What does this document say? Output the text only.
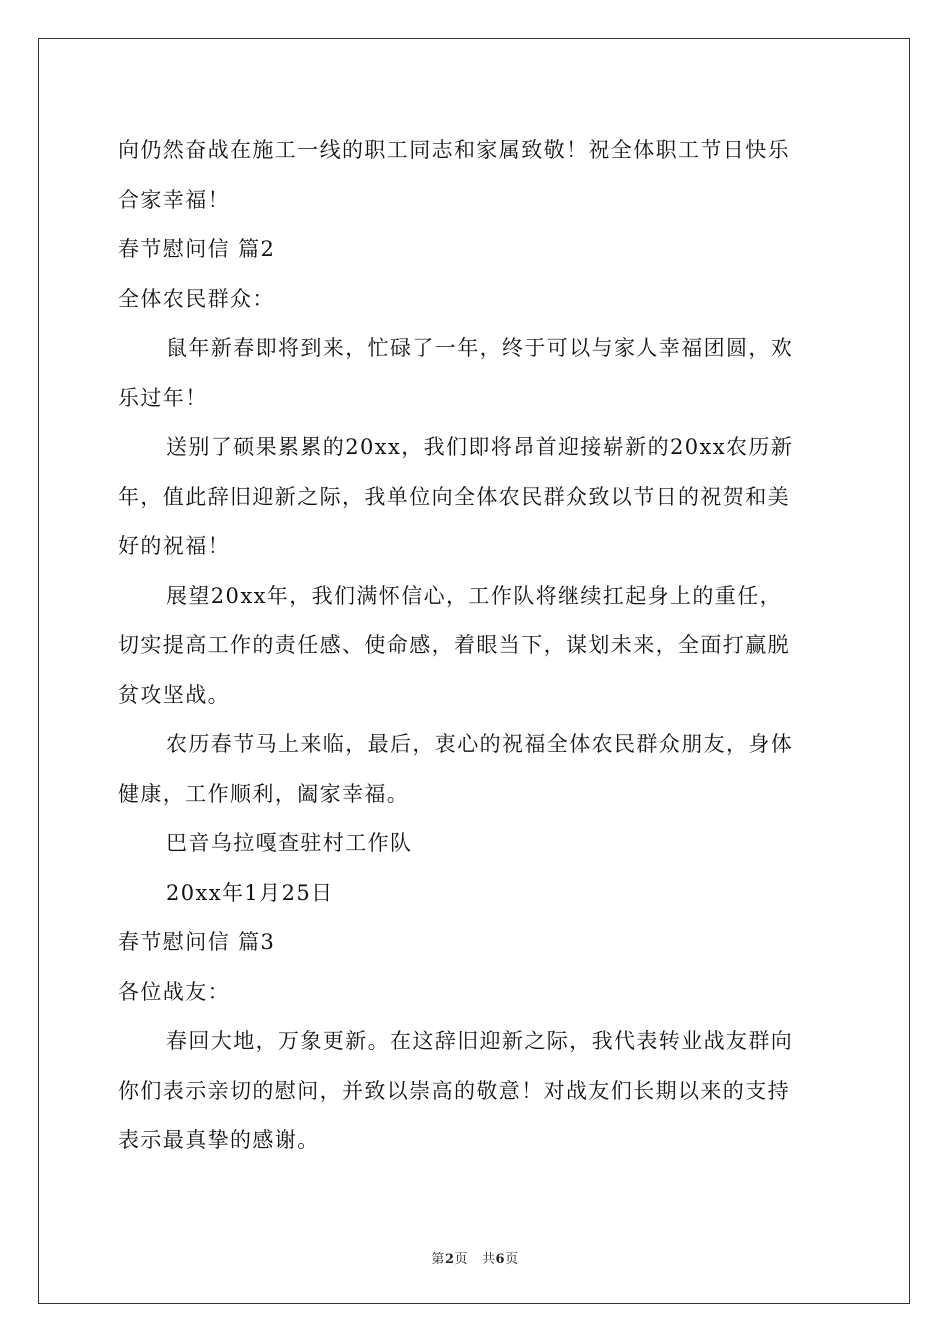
向仍然奋战在施工一线的职工同志和家属致敬！祝全体职工节日快乐
合家幸福！
春节慰问信 篇2
全体农民群众：
鼠年新春即将到来，忙碌了一年，终于可以与家人幸福团圆，欢
乐过年！
送别了硕果累累的20xx，我们即将昂首迎接崭新的20xx农历新
年，值此辞旧迎新之际，我单位向全体农民群众致以节日的祝贺和美
好的祝福！
展望20xx年，我们满怀信心，工作队将继续扛起身上的重任，
切实提高工作的责任感、使命感，着眼当下，谋划未来，全面打赢脱
贫攻坚战。
农历春节马上来临，最后，衷心的祝福全体农民群众朋友，身体
健康，工作顺利，阖家幸福。
巴音乌拉嘎查驻村工作队
20xx年1月25日
春节慰问信 篇3
各位战友：
春回大地，万象更新。在这辞旧迎新之际，我代表转业战友群向
你们表示亲切的慰问，并致以崇高的敬意！对战友们长期以来的支持
表示最真挚的感谢。
第2页 共6页
